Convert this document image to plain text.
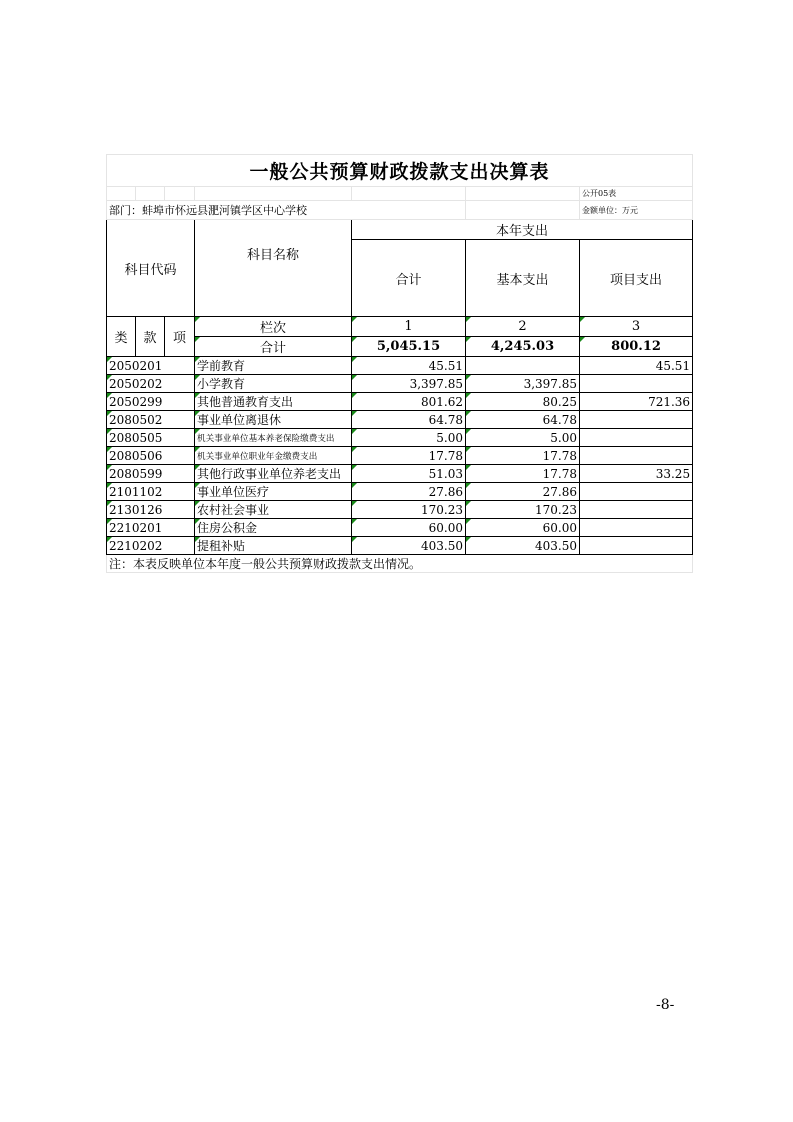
一般公共预算财政拨款支出决算表						
						公开05表
部门：蚌埠市怀远县淝河镇学区中心学校						金额单位：万元
科目代码			科目名称	本年支出		
				合计	基本支出	项目支出
类	款	项	栏次	1	2	3
			合计	5,045.15	4,245.03	800.12
2050201			学前教育	45.51		45.51
2050202			小学教育	3,397.85	3,397.85	
2050299			其他普通教育支出	801.62	80.25	721.36
2080502			事业单位离退休	64.78	64.78	
2080505			机关事业单位基本养老保险缴费支出	5.00	5.00	
2080506			机关事业单位职业年金缴费支出	17.78	17.78	
2080599			其他行政事业单位养老支出	51.03	17.78	33.25
2101102			事业单位医疗	27.86	27.86	
2130126			农村社会事业	170.23	170.23	
2210201			住房公积金	60.00	60.00	
2210202			提租补贴	403.50	403.50	
注：本表反映单位本年度一般公共预算财政拨款支出情况。						
-8-
